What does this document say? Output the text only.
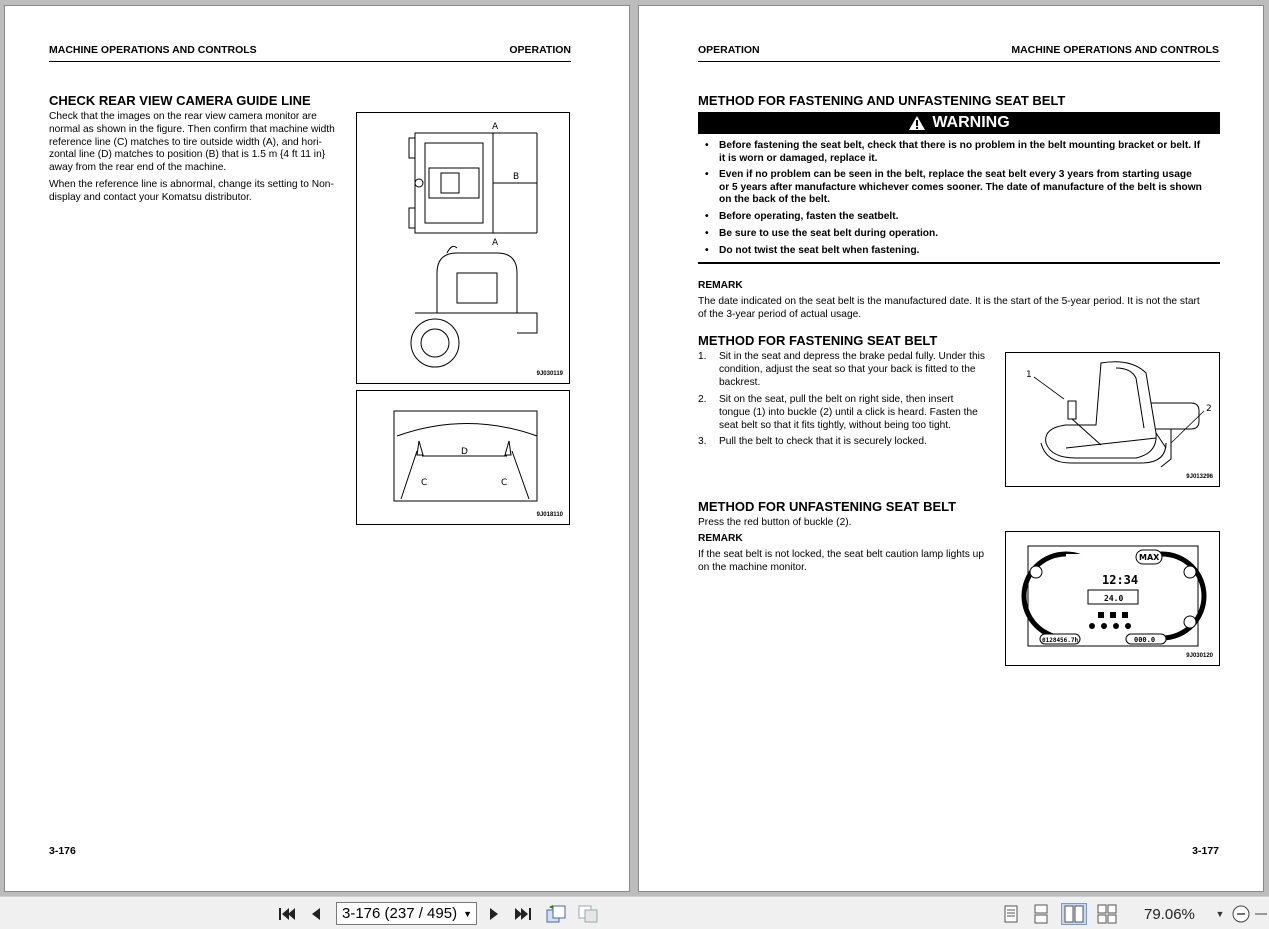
MACHINE OPERATIONS AND CONTROLS	OPERATION
CHECK REAR VIEW CAMERA GUIDE LINE
Check that the images on the rear view camera monitor are
normal as shown in the figure. Then confirm that machine width
reference line (C) matches to tire outside width (A), and hori-
zontal line (D) matches to position (B) that is 1.5 m {4 ft 11 in}
away from the rear end of the machine.
When the reference line is abnormal, change its setting to Non-
display and contact your Komatsu distributor.
A
B
A
9J030119
D
C	C
9J018110
3-176
OPERATION	MACHINE OPERATIONS AND CONTROLS
METHOD FOR FASTENING AND UNFASTENING SEAT BELT
WARNING
• Before fastening the seat belt, check that there is no problem in the belt mounting bracket or belt. If
it is worn or damaged, replace it.
• Even if no problem can be seen in the belt, replace the seat belt every 3 years from starting usage
or 5 years after manufacture whichever comes sooner. The date of manufacture of the belt is shown
on the back of the belt.
• Before operating, fasten the seatbelt.
• Be sure to use the seat belt during operation.
• Do not twist the seat belt when fastening.
REMARK
The date indicated on the seat belt is the manufactured date. It is the start of the 5-year period. It is not the start
of the 3-year period of actual usage.
METHOD FOR FASTENING SEAT BELT
1. Sit in the seat and depress the brake pedal fully. Under this
condition, adjust the seat so that your back is fitted to the
backrest.
2. Sit on the seat, pull the belt on right side, then insert
tongue (1) into buckle (2) until a click is heard. Fasten the
seat belt so that it fits tightly, without being too tight.
3. Pull the belt to check that it is securely locked.
1
2
9J013296
METHOD FOR UNFASTENING SEAT BELT
Press the red button of buckle (2).
REMARK
If the seat belt is not locked, the seat belt caution lamp lights up
on the machine monitor.
MAX
12:34
24.0
0128456.7h	000.0
9J030120
3-177
3-176 (237 / 495) ▼	79.06% ▼
